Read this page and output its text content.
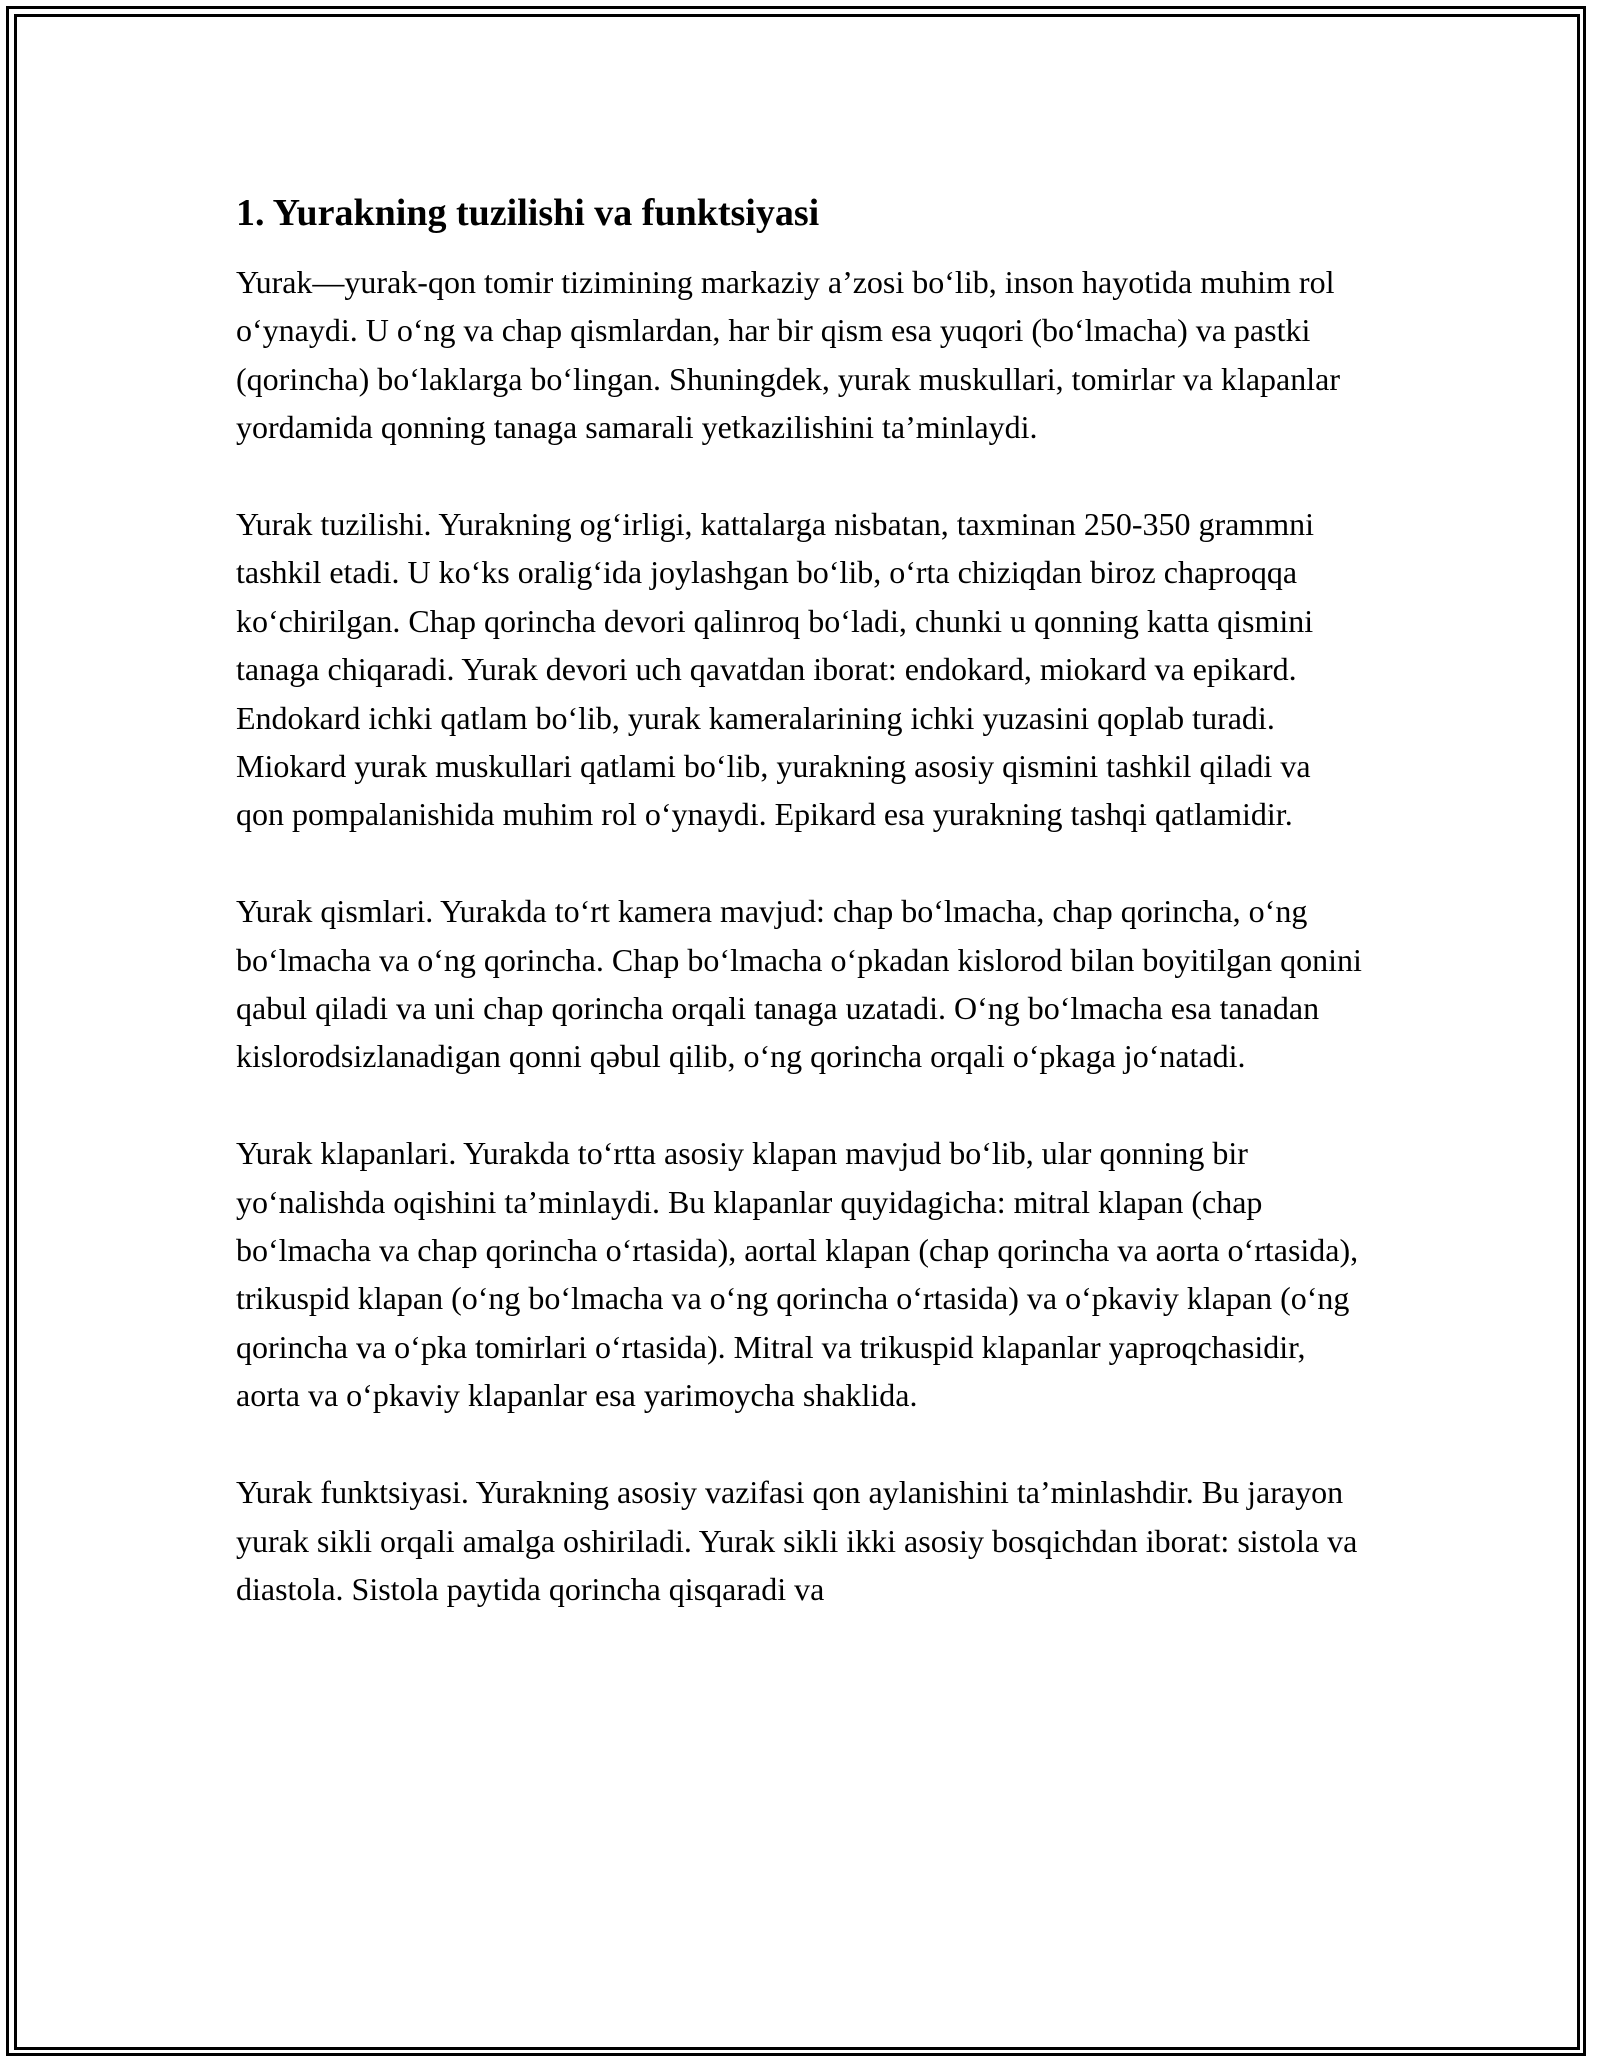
1. Yurakning tuzilishi va funktsiyasi

Yurak—yurak-qon tomir tizimining markaziy a’zosi bo‘lib, inson hayotida muhim rol o‘ynaydi. U o‘ng va chap qismlardan, har bir qism esa yuqori (bo‘lmacha) va pastki (qorincha) bo‘laklarga bo‘lingan. Shuningdek, yurak muskullari, tomirlar va klapanlar yordamida qonning tanaga samarali yetkazilishini ta’minlaydi.

Yurak tuzilishi. Yurakning og‘irligi, kattalarga nisbatan, taxminan 250-350 grammni tashkil etadi. U ko‘ks oralig‘ida joylashgan bo‘lib, o‘rta chiziqdan biroz chaproqqa ko‘chirilgan. Chap qorincha devori qalinroq bo‘ladi, chunki u qonning katta qismini tanaga chiqaradi. Yurak devori uch qavatdan iborat: endokard, miokard va epikard. Endokard ichki qatlam bo‘lib, yurak kameralarining ichki yuzasini qoplab turadi. Miokard yurak muskullari qatlami bo‘lib, yurakning asosiy qismini tashkil qiladi va qon pompalanishida muhim rol o‘ynaydi. Epikard esa yurakning tashqi qatlamidir.

Yurak qismlari. Yurakda to‘rt kamera mavjud: chap bo‘lmacha, chap qorincha, o‘ng bo‘lmacha va o‘ng qorincha. Chap bo‘lmacha o‘pkadan kislorod bilan boyitilgan qonini qabul qiladi va uni chap qorincha orqali tanaga uzatadi. O‘ng bo‘lmacha esa tanadan kislorodsizlanadigan qonni qəbul qilib, o‘ng qorincha orqali o‘pkaga jo‘natadi.

Yurak klapanlari. Yurakda to‘rtta asosiy klapan mavjud bo‘lib, ular qonning bir yo‘nalishda oqishini ta’minlaydi. Bu klapanlar quyidagicha: mitral klapan (chap bo‘lmacha va chap qorincha o‘rtasida), aortal klapan (chap qorincha va aorta o‘rtasida), trikuspid klapan (o‘ng bo‘lmacha va o‘ng qorincha o‘rtasida) va o‘pkaviy klapan (o‘ng qorincha va o‘pka tomirlari o‘rtasida). Mitral va trikuspid klapanlar yaproqchasidir, aorta va o‘pkaviy klapanlar esa yarimoycha shaklida.

Yurak funktsiyasi. Yurakning asosiy vazifasi qon aylanishini ta’minlashdir. Bu jarayon yurak sikli orqali amalga oshiriladi. Yurak sikli ikki asosiy bosqichdan iborat: sistola va diastola. Sistola paytida qorincha qisqaradi va
